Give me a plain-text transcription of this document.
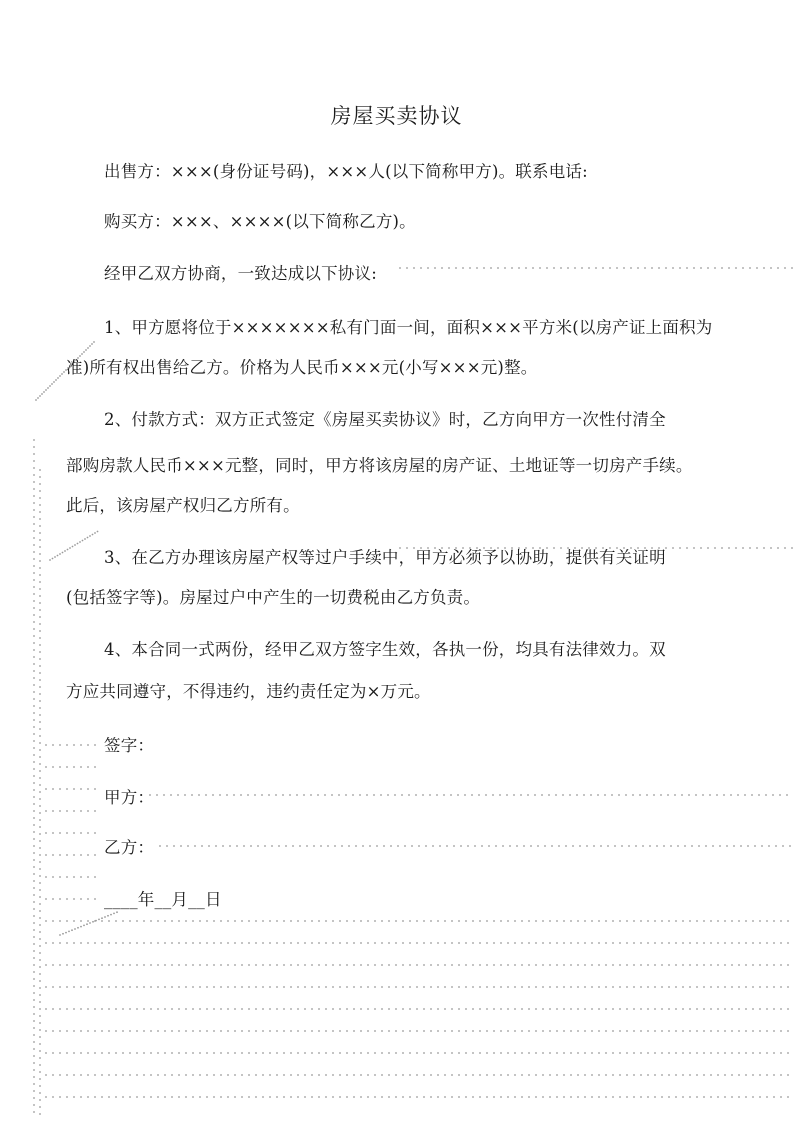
房屋买卖协议
出售方：×××(身份证号码)，×××人(以下简称甲方)。联系电话:
购买方：×××、××××(以下简称乙方)。
经甲乙双方协商，一致达成以下协议:
1、甲方愿将位于×××××××私有门面一间，面积×××平方米(以房产证上面积为
准)所有权出售给乙方。价格为人民币×××元(小写×××元)整。
2、付款方式：双方正式签定《房屋买卖协议》时，乙方向甲方一次性付清全
部购房款人民币×××元整，同时，甲方将该房屋的房产证、土地证等一切房产手续。
此后，该房屋产权归乙方所有。
3、在乙方办理该房屋产权等过户手续中，甲方必须予以协助，提供有关证明
(包括签字等)。房屋过户中产生的一切费税由乙方负责。
4、本合同一式两份，经甲乙双方签字生效，各执一份，均具有法律效力。双
方应共同遵守，不得违约，违约责任定为×万元。
签字：
甲方：
乙方：
____年__月__日
